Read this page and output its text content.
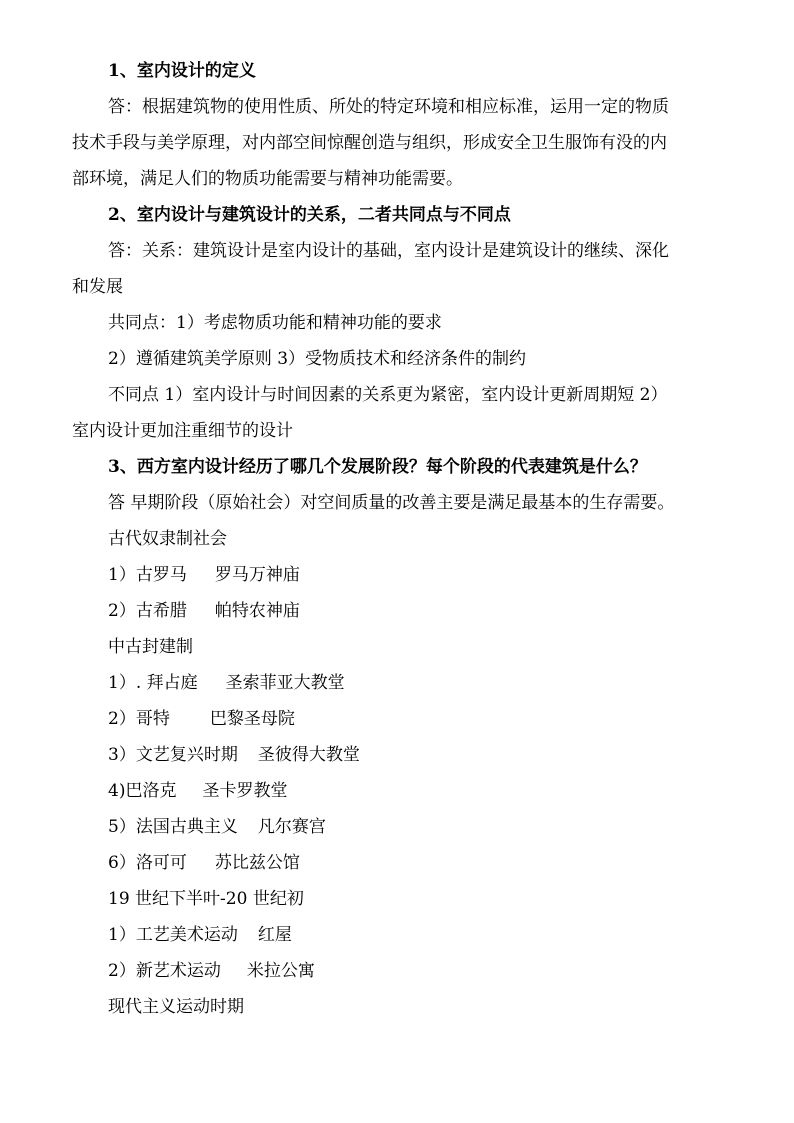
1、室内设计的定义
答：根据建筑物的使用性质、所处的特定环境和相应标准，运用一定的物质
技术手段与美学原理，对内部空间惊醒创造与组织，形成安全卫生服饰有没的内
部环境，满足人们的物质功能需要与精神功能需要。
2、室内设计与建筑设计的关系，二者共同点与不同点
答：关系：建筑设计是室内设计的基础，室内设计是建筑设计的继续、深化
和发展
共同点：1）考虑物质功能和精神功能的要求
2）遵循建筑美学原则 3）受物质技术和经济条件的制约
不同点 1）室内设计与时间因素的关系更为紧密，室内设计更新周期短 2）
室内设计更加注重细节的设计
3、西方室内设计经历了哪几个发展阶段？每个阶段的代表建筑是什么？
答 早期阶段（原始社会）对空间质量的改善主要是满足最基本的生存需要。
古代奴隶制社会
1）古罗马 罗马万神庙
2）古希腊 帕特农神庙
中古封建制
1）. 拜占庭 圣索菲亚大教堂
2）哥特 巴黎圣母院
3）文艺复兴时期 圣彼得大教堂
4)巴洛克 圣卡罗教堂
5）法国古典主义 凡尔赛宫
6）洛可可 苏比兹公馆
19 世纪下半叶-20 世纪初
1）工艺美术运动 红屋
2）新艺术运动 米拉公寓
现代主义运动时期
